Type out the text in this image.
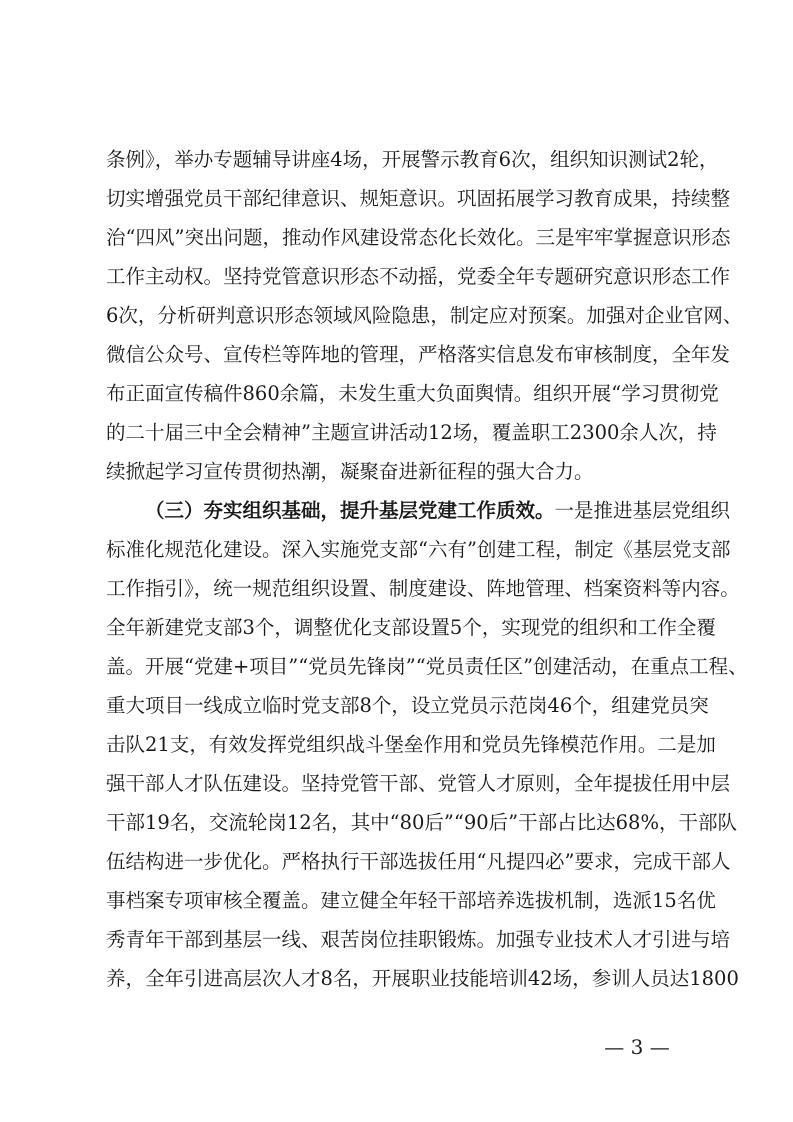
条例》，举办专题辅导讲座4场，开展警示教育6次，组织知识测试2轮，
切实增强党员干部纪律意识、规矩意识。巩固拓展学习教育成果，持续整
治“四风”突出问题，推动作风建设常态化长效化。三是牢牢掌握意识形态
工作主动权。坚持党管意识形态不动摇，党委全年专题研究意识形态工作
6次，分析研判意识形态领域风险隐患，制定应对预案。加强对企业官网、
微信公众号、宣传栏等阵地的管理，严格落实信息发布审核制度，全年发
布正面宣传稿件860余篇，未发生重大负面舆情。组织开展“学习贯彻党
的二十届三中全会精神”主题宣讲活动12场，覆盖职工2300余人次，持
续掀起学习宣传贯彻热潮，凝聚奋进新征程的强大合力。
（三）夯实组织基础，提升基层党建工作质效。一是推进基层党组织
标准化规范化建设。深入实施党支部“六有”创建工程，制定《基层党支部
工作指引》，统一规范组织设置、制度建设、阵地管理、档案资料等内容。
全年新建党支部3个，调整优化支部设置5个，实现党的组织和工作全覆
盖。开展“党建+项目”“党员先锋岗”“党员责任区”创建活动，在重点工程、
重大项目一线成立临时党支部8个，设立党员示范岗46个，组建党员突
击队21支，有效发挥党组织战斗堡垒作用和党员先锋模范作用。二是加
强干部人才队伍建设。坚持党管干部、党管人才原则，全年提拔任用中层
干部19名，交流轮岗12名，其中“80后”“90后”干部占比达68%，干部队
伍结构进一步优化。严格执行干部选拔任用“凡提四必”要求，完成干部人
事档案专项审核全覆盖。建立健全年轻干部培养选拔机制，选派15名优
秀青年干部到基层一线、艰苦岗位挂职锻炼。加强专业技术人才引进与培
养，全年引进高层次人才8名，开展职业技能培训42场，参训人员达1800
— 3 —
